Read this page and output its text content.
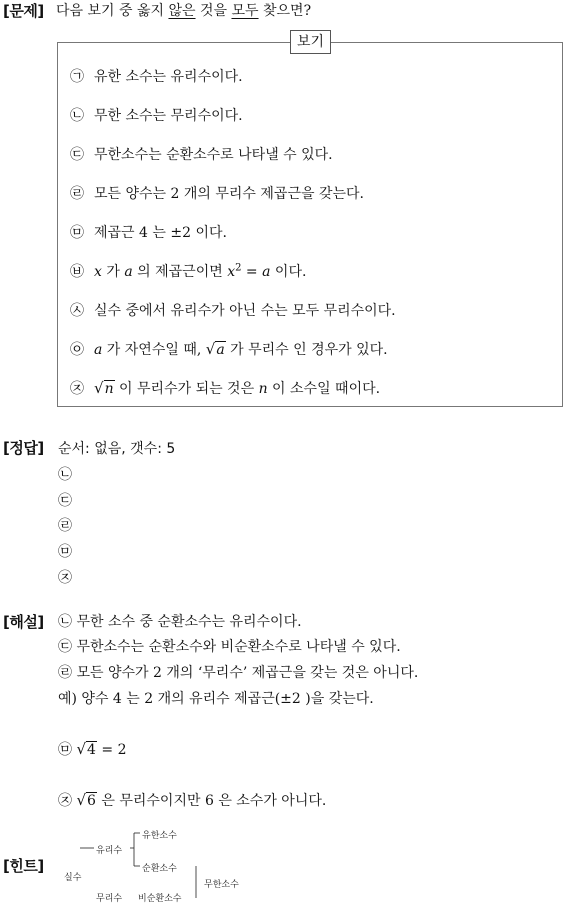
[문제] 다음 보기 중 옳지 않은 것을 모두 찾으면?
보기
㉠ 유한 소수는 유리수이다.
㉡ 무한 소수는 무리수이다.
㉢ 무한소수는 순환소수로 나타낼 수 있다.
㉣ 모든 양수는 2 개의 무리수 제곱근을 갖는다.
㉤ 제곱근 4 는 ±2 이다.
㉥ x 가 a 의 제곱근이면 $x^2 = a$ 이다.
㉦ 실수 중에서 유리수가 아닌 수는 모두 무리수이다.
㉧ a 가 자연수일 때, √a 가 무리수 인 경우가 있다.
㉨ √n 이 무리수가 되는 것은 n 이 소수일 때이다.
[정답] 순서: 없음, 갯수: 5
㉡
㉢
㉣
㉤
㉨
[해설] ㉡ 무한 소수 중 순환소수는 유리수이다.
㉢ 무한소수는 순환소수와 비순환소수로 나타낼 수 있다.
㉣ 모든 양수가 2 개의 ‘무리수’ 제곱근을 갖는 것은 아니다.
예) 양수 4 는 2 개의 유리수 제곱근(±2 )을 갖는다.
㉤ √4 = 2
㉨ √6 은 무리수이지만 6 은 소수가 아니다.
[힌트]
실수
유리수
유한소수
순환소수
무리수 비순환소수
무한소수
